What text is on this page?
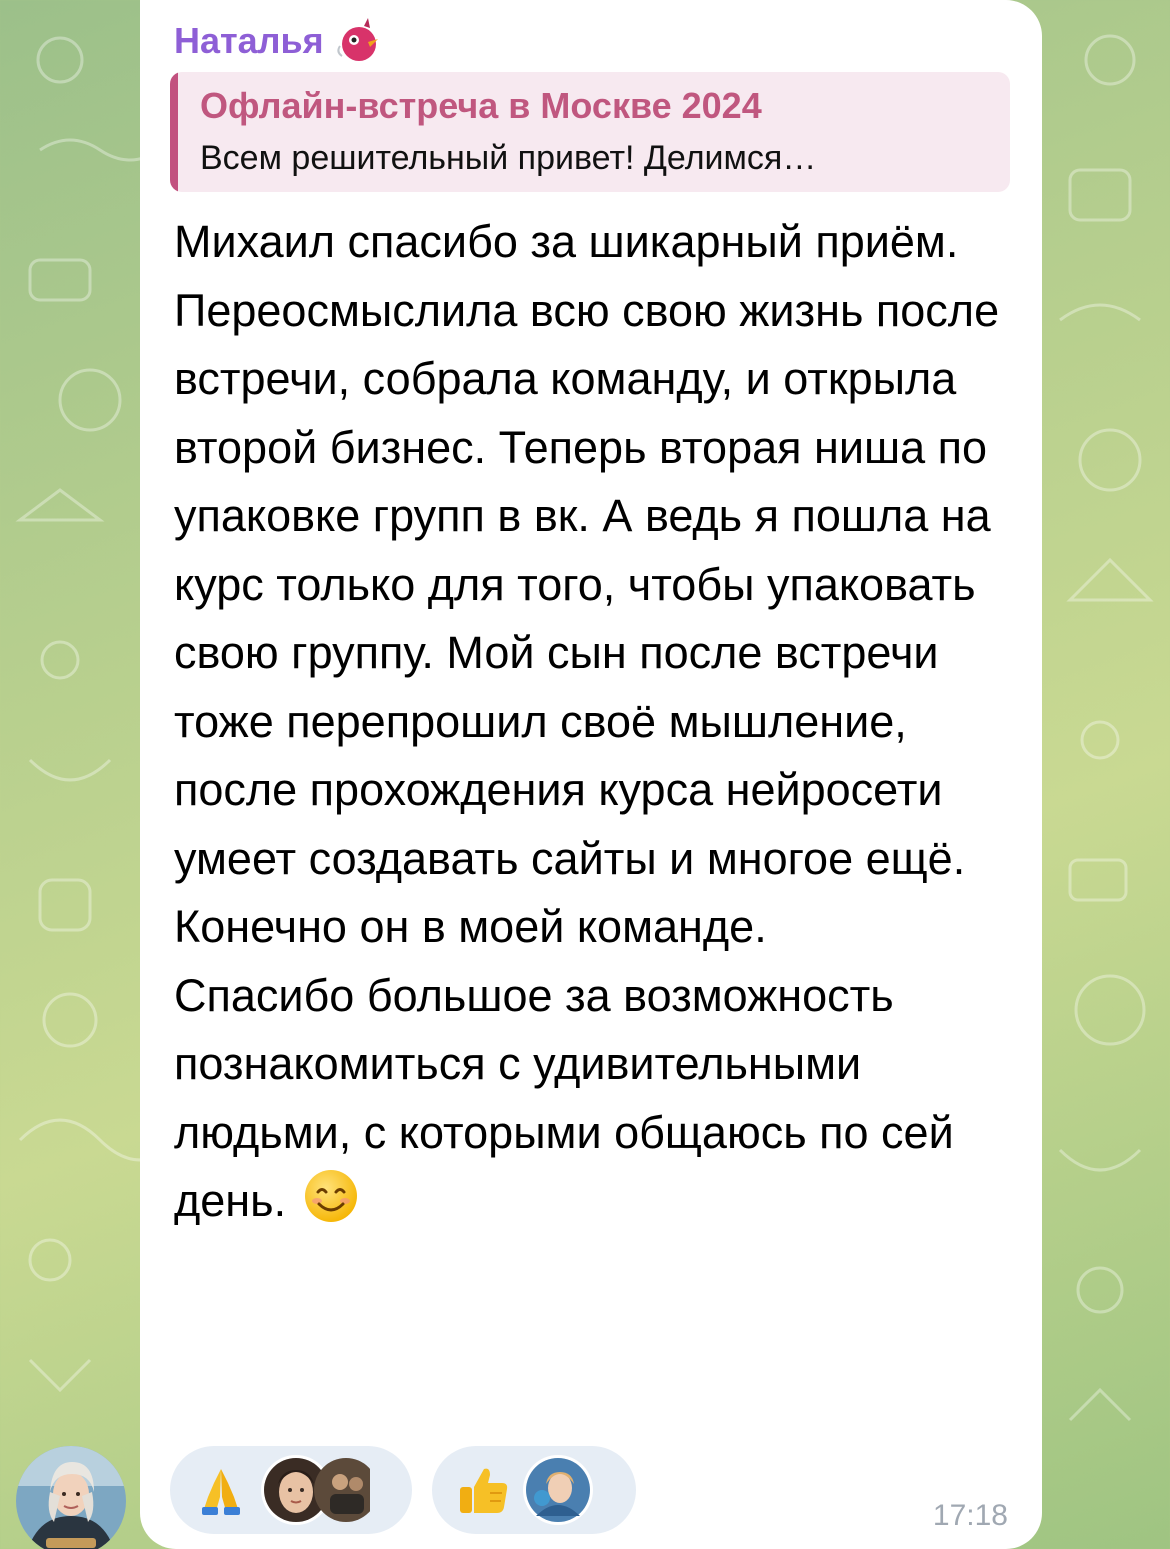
Наталья
Офлайн-встреча в Москве 2024
Всем решительный привет! Делимся…

Михаил спасибо за шикарный приём.

Переосмыслила всю свою жизнь после встречи, собрала команду, и открыла второй бизнес. Теперь вторая ниша по упаковке групп в вк. А ведь я пошла на курс только для того, чтобы упаковать свою группу. Мой сын после встречи тоже перепрошил своё мышление, после прохождения курса нейросети умеет создавать сайты и многое ещё. Конечно он в моей команде.

Спасибо большое за возможность познакомиться с удивительными людьми, с которыми общаюсь по сей день.

17:18
